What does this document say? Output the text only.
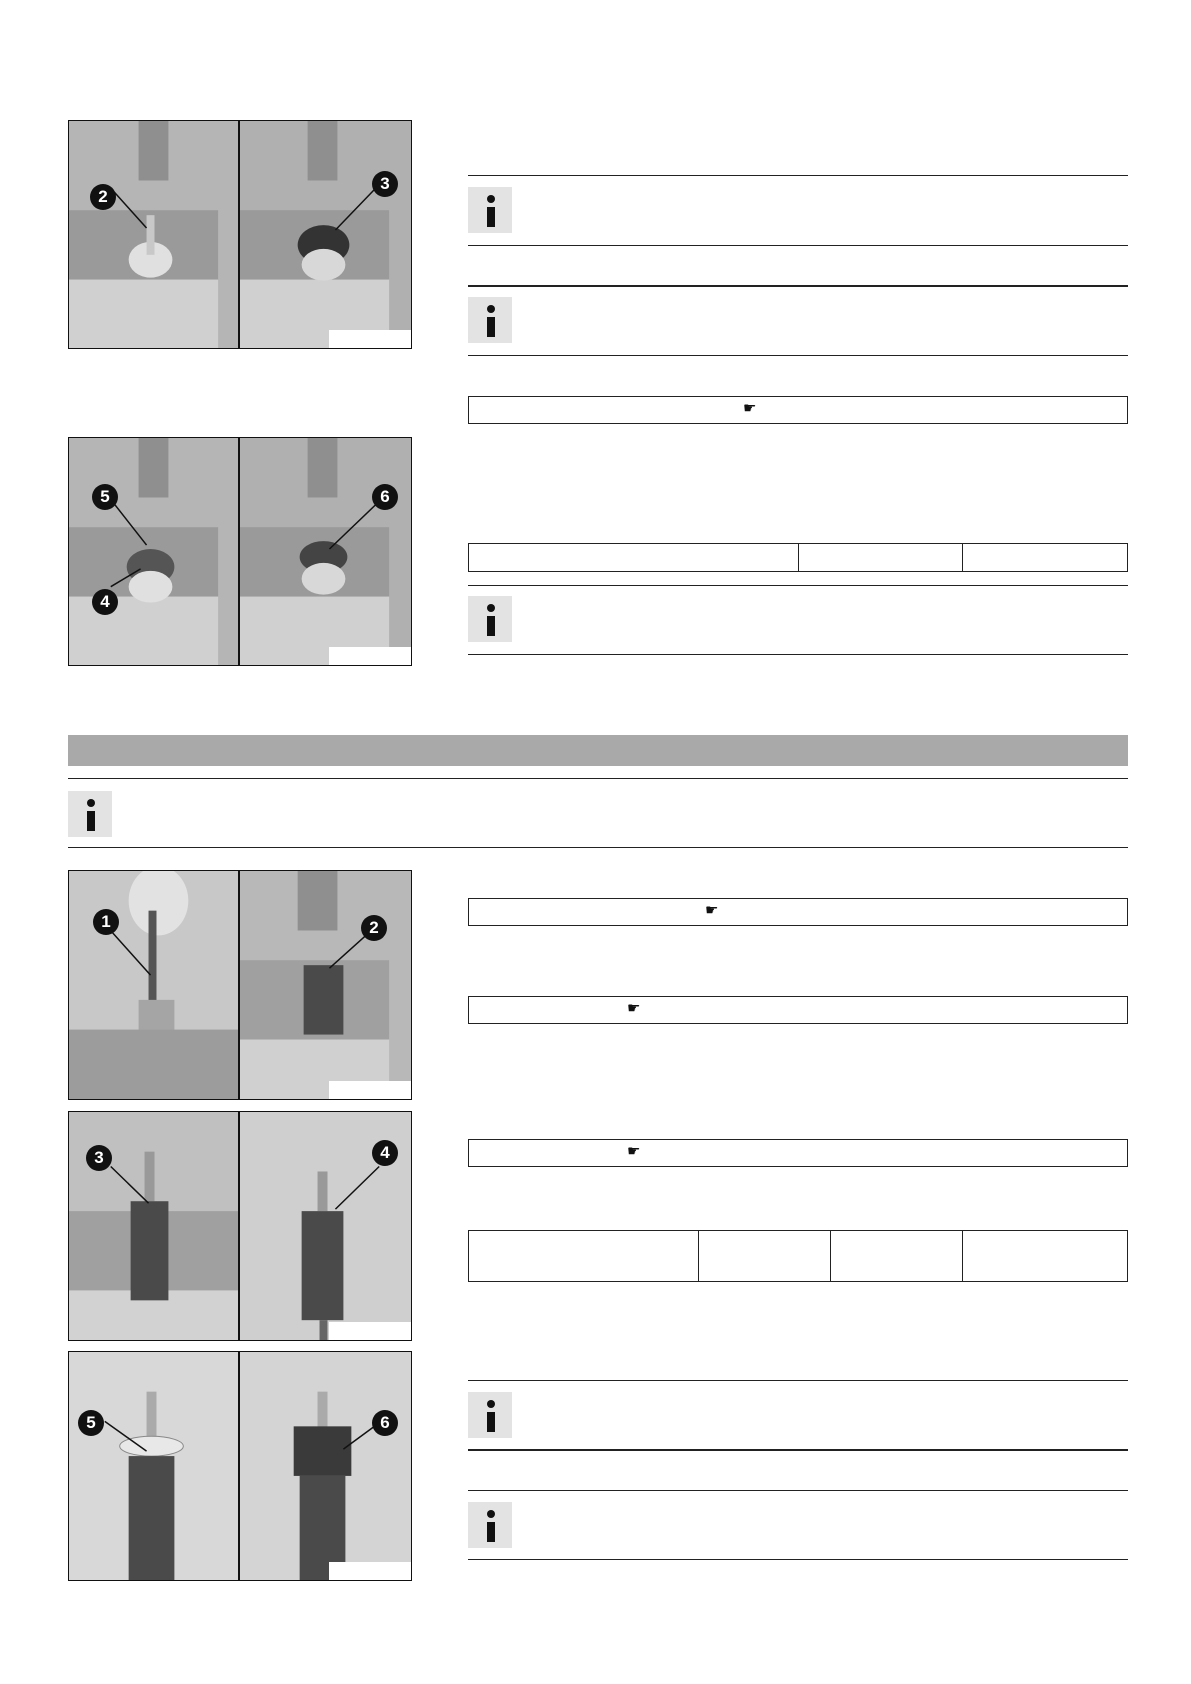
2
3
5
4
6
☛
1	2
3	4
5	6
☛
☛
☛
